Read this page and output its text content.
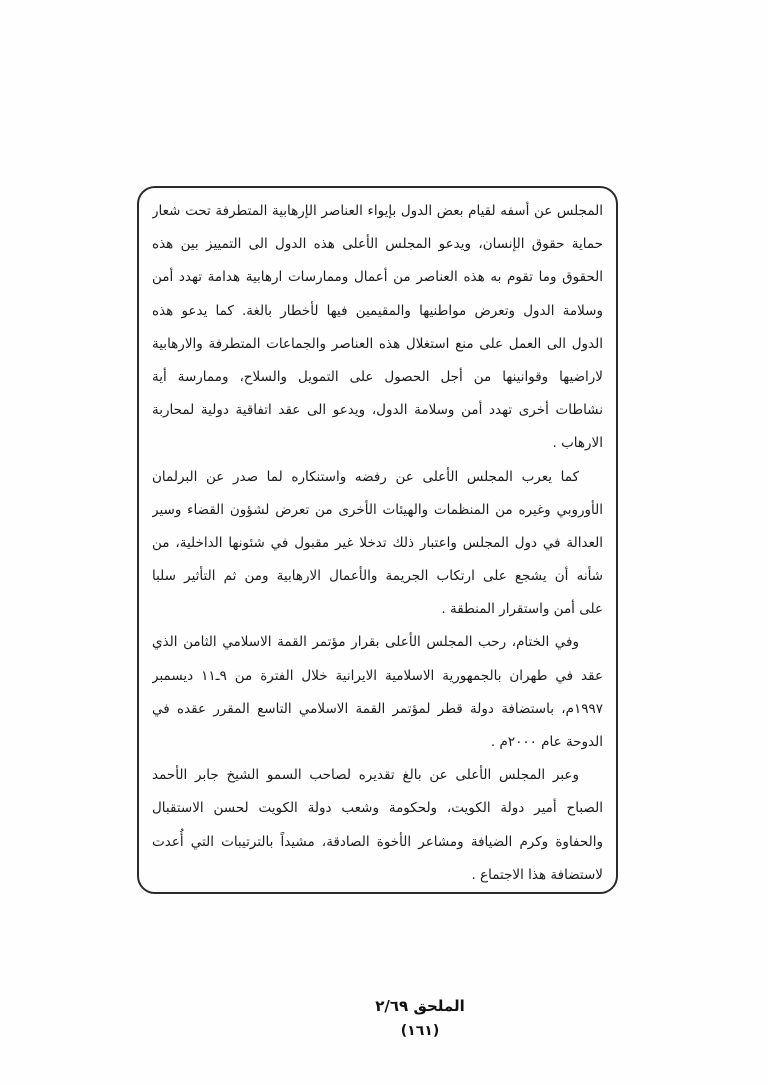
المجلس عن أسفه لقيام بعض الدول بإيواء العناصر الإرهابية المتطرفة تحت شعار
حماية حقوق الإنسان، ويدعو المجلس الأعلى هذه الدول الى التمييز بين هذه
الحقوق وما تقوم به هذه العناصر من أعمال وممارسات ارهابية هدامة تهدد أمن
وسلامة الدول وتعرض مواطنيها والمقيمين فيها لأخطار بالغة. كما يدعو هذه
الدول الى العمل على منع استغلال هذه العناصر والجماعات المتطرفة والارهابية
لاراضيها وقوانينها من أجل الحصول على التمويل والسلاح، وممارسة أية
نشاطات أخرى تهدد أمن وسلامة الدول، ويدعو الى عقد اتفاقية دولية لمحاربة
الارهاب .
كما يعرب المجلس الأعلى عن رفضه واستنكاره لما صدر عن البرلمان
الأوروبي وغيره من المنظمات والهيئات الأخرى من تعرض لشؤون القضاء وسير
العدالة في دول المجلس واعتبار ذلك تدخلا غير مقبول في شئونها الداخلية، من
شأنه أن يشجع على ارتكاب الجريمة والأعمال الارهابية ومن ثم التأثير سلبا
على أمن واستقرار المنطقة .
وفي الختام، رحب المجلس الأعلى بقرار مؤتمر القمة الاسلامي الثامن الذي
عقد في طهران بالجمهورية الاسلامية الايرانية خلال الفترة من ٩ـ١١ ديسمبر
١٩٩٧م، باستضافة دولة قطر لمؤتمر القمة الاسلامي التاسع المقرر عقده في
الدوحة عام ٢٠٠٠م .
وعبر المجلس الأعلى عن بالغ تقديره لصاحب السمو الشيخ جابر الأحمد
الصباح أمير دولة الكويت، ولحكومة وشعب دولة الكويت لحسن الاستقبال
والحفاوة وكرم الضيافة ومشاعر الأخوة الصادقة، مشيداً بالترتيبات التي أُعدت
لاستضافة هذا الاجتماع .
الملحق ٢/٦٩
(١٦١)
